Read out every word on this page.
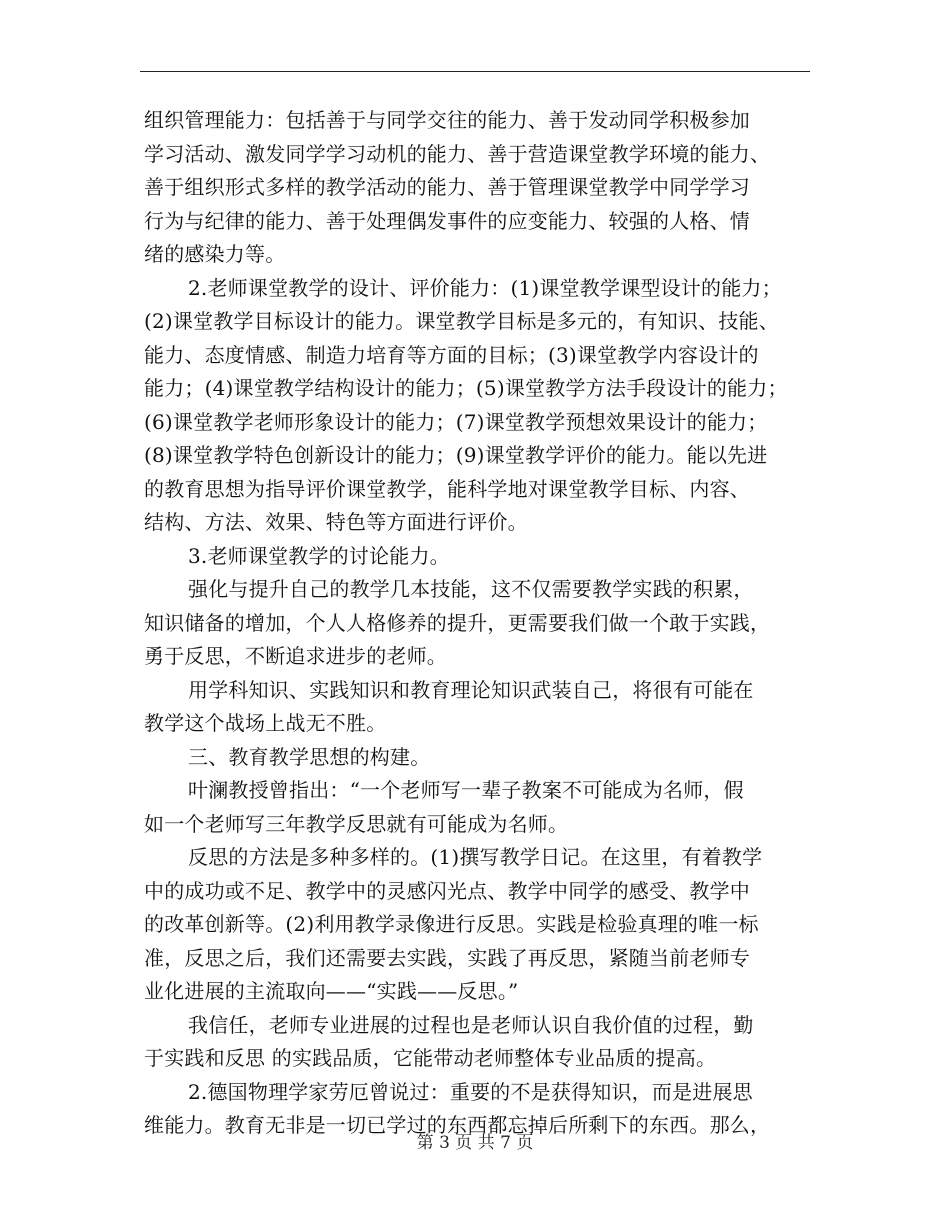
组织管理能力：包括善于与同学交往的能力、善于发动同学积极参加
学习活动、激发同学学习动机的能力、善于营造课堂教学环境的能力、
善于组织形式多样的教学活动的能力、善于管理课堂教学中同学学习
行为与纪律的能力、善于处理偶发事件的应变能力、较强的人格、情
绪的感染力等。
2.老师课堂教学的设计、评价能力：(1)课堂教学课型设计的能力；
(2)课堂教学目标设计的能力。课堂教学目标是多元的，有知识、技能、
能力、态度情感、制造力培育等方面的目标；(3)课堂教学内容设计的
能力；(4)课堂教学结构设计的能力；(5)课堂教学方法手段设计的能力；
(6)课堂教学老师形象设计的能力；(7)课堂教学预想效果设计的能力；
(8)课堂教学特色创新设计的能力；(9)课堂教学评价的能力。能以先进
的教育思想为指导评价课堂教学，能科学地对课堂教学目标、内容、
结构、方法、效果、特色等方面进行评价。
3.老师课堂教学的讨论能力。
强化与提升自己的教学几本技能，这不仅需要教学实践的积累，
知识储备的增加，个人人格修养的提升，更需要我们做一个敢于实践，
勇于反思，不断追求进步的老师。
用学科知识、实践知识和教育理论知识武装自己，将很有可能在
教学这个战场上战无不胜。
三、教育教学思想的构建。
叶澜教授曾指出：“一个老师写一辈子教案不可能成为名师，假
如一个老师写三年教学反思就有可能成为名师。
反思的方法是多种多样的。(1)撰写教学日记。在这里，有着教学
中的成功或不足、教学中的灵感闪光点、教学中同学的感受、教学中
的改革创新等。(2)利用教学录像进行反思。实践是检验真理的唯一标
准，反思之后，我们还需要去实践，实践了再反思，紧随当前老师专
业化进展的主流取向——“实践——反思。”
我信任，老师专业进展的过程也是老师认识自我价值的过程，勤
于实践和反思 的实践品质，它能带动老师整体专业品质的提高。
2.德国物理学家劳厄曾说过：重要的不是获得知识，而是进展思
维能力。教育无非是一切已学过的东西都忘掉后所剩下的东西。那么，
第 3 页 共 7 页
